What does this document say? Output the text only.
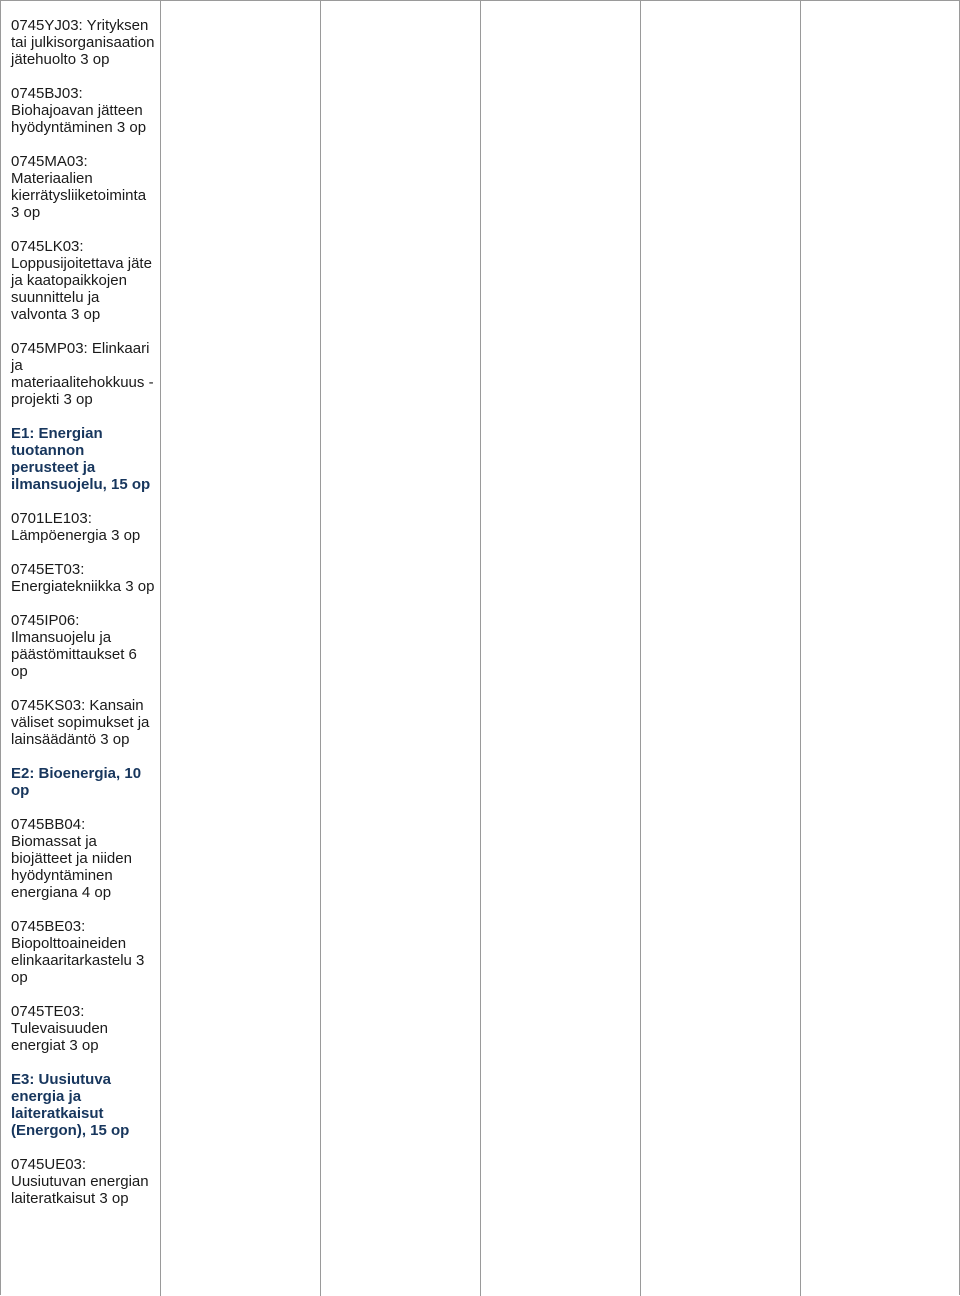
0745YJ03: Yrityksen tai julkisorganisaation jätehuolto 3 op
0745BJ03: Biohajoavan jätteen hyödyntäminen 3 op
0745MA03: Materiaalien kierrätysliiketoiminta 3 op
0745LK03: Loppusijoitettava jäte ja kaatopaikkojen suunnittelu ja valvonta 3 op
0745MP03: Elinkaari ja materiaalitehokkuus -projekti 3 op
E1: Energian tuotannon perusteet ja ilmansuojelu, 15 op
0701LE103: Lämpöenergia 3 op
0745ET03: Energiatekniikka 3 op
0745IP06: Ilmansuojelu ja päästömittaukset 6 op
0745KS03: Kansain väliset sopimukset ja lainsäädäntö 3 op
E2: Bioenergia, 10 op
0745BB04: Biomassat ja biojätteet ja niiden hyödyntäminen energiana 4 op
0745BE03: Biopolttoaineiden elinkaaritarkastelu 3 op
0745TE03: Tulevaisuuden energiat 3 op
E3: Uusiutuva energia ja laiteratkaisut (Energon), 15 op
0745UE03: Uusiutuvan energian laiteratkaisut 3 op
